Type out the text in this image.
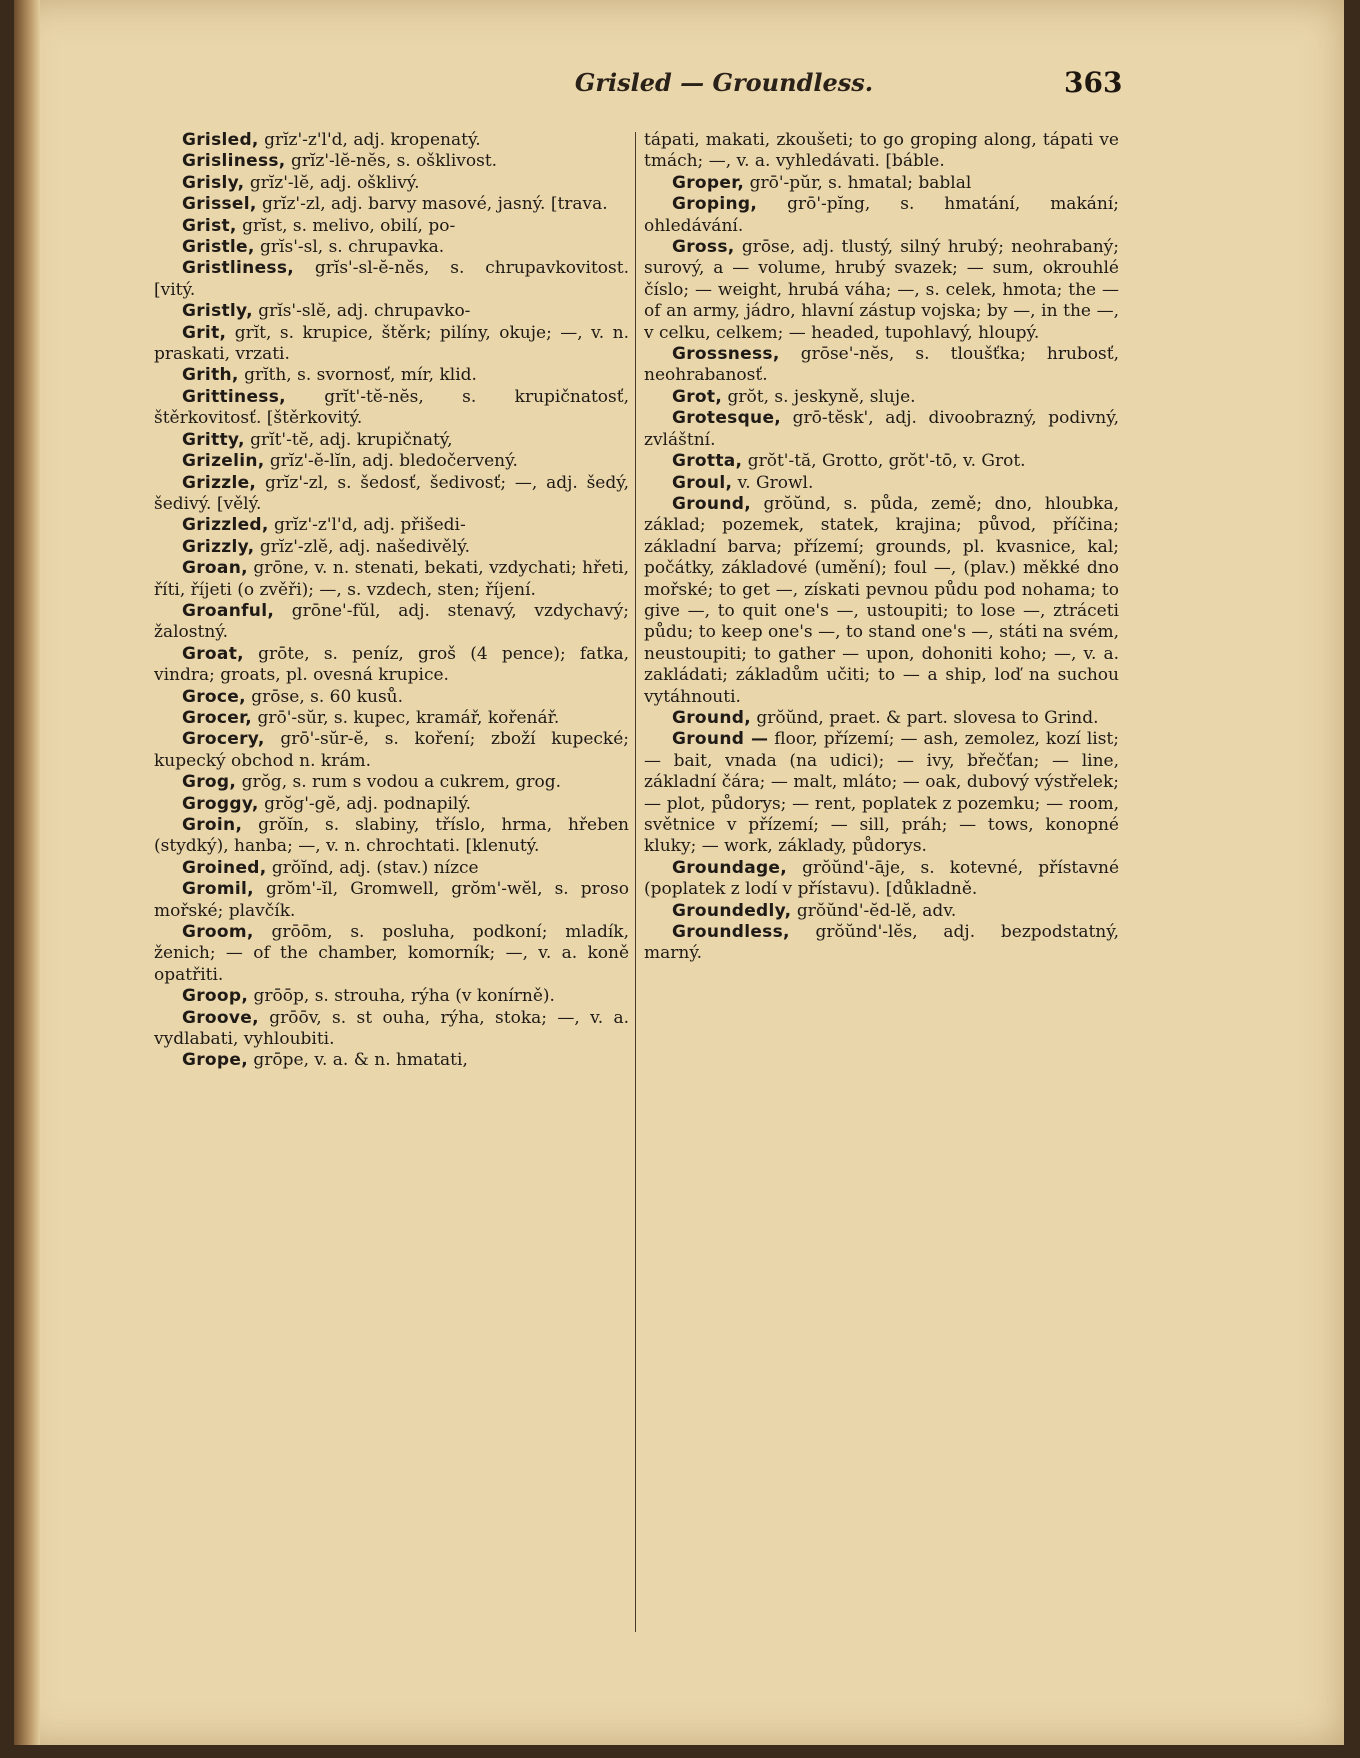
Grisled — Groundless.	363

Grisled, grĭz'-z'l'd, adj. kropenatý.

Grisliness, grĭz'-lĕ-nĕs, s. ošklivost.

Grisly, grĭz'-lĕ, adj. ošklivý.

Grissel, grĭz'-zl, adj. barvy masové, jasný. [trava.

Grist, grĭst, s. melivo, obilí, po-

Gristle, grĭs'-sl, s. chrupavka.

Gristliness, grĭs'-sl-ĕ-nĕs, s. chrupavkovitost. [vitý.

Gristly, grĭs'-slĕ, adj. chrupavko-

Grit, grĭt, s. krupice, štěrk; pilíny, okuje; —, v. n. praskati, vrzati.

Grith, grĭth, s. svornosť, mír, klid.

Grittiness, grĭt'-tĕ-nĕs, s. krupičnatosť, štěrkovitosť. [štěrkovitý.

Gritty, grĭt'-tĕ, adj. krupičnatý,

Grizelin, grĭz'-ĕ-lĭn, adj. bledočervený.

Grizzle, grĭz'-zl, s. šedosť, šedivosť; —, adj. šedý, šedivý. [vělý.

Grizzled, grĭz'-z'l'd, adj. přišedi-

Grizzly, grĭz'-zlĕ, adj. našedivělý.

Groan, grōne, v. n. stenati, bekati, vzdychati; hřeti, říti, říjeti (o zvěři); —, s. vzdech, sten; říjení.

Groanful, grōne'-fŭl, adj. stenavý, vzdychavý; žalostný.

Groat, grōte, s. peníz, groš (4 pence); fatka, vindra; groats, pl. ovesná krupice.

Groce, grōse, s. 60 kusů.

Grocer, grō'-sŭr, s. kupec, kramář, kořenář.

Grocery, grō'-sŭr-ĕ, s. koření; zboží kupecké; kupecký obchod n. krám.

Grog, grŏg, s. rum s vodou a cukrem, grog.

Groggy, grŏg'-gĕ, adj. podnapilý.

Groin, grŏĭn, s. slabiny, tříslo, hrma, hřeben (stydký), hanba; —, v. n. chrochtati. [klenutý.

Groined, grŏĭnd, adj. (stav.) nízce

Gromil, grŏm'-ĭl, Gromwell, grŏm'-wĕl, s. proso mořské; plavčík.

Groom, grōōm, s. posluha, podkoní; mladík, ženich; — of the chamber, komorník; —, v. a. koně opatřiti.

Groop, grōōp, s. strouha, rýha (v konírně).

Groove, grōōv, s. st ouha, rýha, stoka; —, v. a. vydlabati, vyhloubiti.

Grope, grōpe, v. a. & n. hmatati,

tápati, makati, zkoušeti; to go groping along, tápati ve tmách; —, v. a. vyhledávati. [báble.

Groper, grō'-pŭr, s. hmatal; bablal

Groping, grō'-pĭng, s. hmatání, makání; ohledávání.

Gross, grōse, adj. tlustý, silný hrubý; neohrabaný; surový, a — volume, hrubý svazek; — sum, okrouhlé číslo; — weight, hrubá váha; —, s. celek, hmota; the — of an army, jádro, hlavní zástup vojska; by —, in the —, v celku, celkem; — headed, tupohlavý, hloupý.

Grossness, grōse'-nĕs, s. tloušťka; hrubosť, neohrabanosť.

Grot, grŏt, s. jeskyně, sluje.

Grotesque, grō-tĕsk', adj. divoobrazný, podivný, zvláštní.

Grotta, grŏt'-tă, Grotto, grŏt'-tō, v. Grot.

Groul, v. Growl.

Ground, grŏŭnd, s. půda, země; dno, hloubka, základ; pozemek, statek, krajina; původ, příčina; základní barva; přízemí; grounds, pl. kvasnice, kal; počátky, základové (umění); foul —, (plav.) měkké dno mořské; to get —, získati pevnou půdu pod nohama; to give —, to quit one's —, ustoupiti; to lose —, ztráceti půdu; to keep one's —, to stand one's —, státi na svém, neustoupiti; to gather — upon, dohoniti koho; —, v. a. zakládati; základům učiti; to — a ship, loď na suchou vytáhnouti.

Ground, grŏŭnd, praet. & part. slovesa to Grind.

Ground — floor, přízemí; — ash, zemolez, kozí list; — bait, vnada (na udici); — ivy, břečťan; — line, základní čára; — malt, mláto; — oak, dubový výstřelek; — plot, půdorys; — rent, poplatek z pozemku; — room, světnice v přízemí; — sill, práh; — tows, konopné kluky; — work, základy, půdorys.

Groundage, grŏŭnd'-āje, s. kotevné, přístavné (poplatek z lodí v přístavu). [důkladně.

Groundedly, grŏŭnd'-ĕd-lĕ, adv.

Groundless, grŏŭnd'-lĕs, adj. bezpodstatný, marný.
